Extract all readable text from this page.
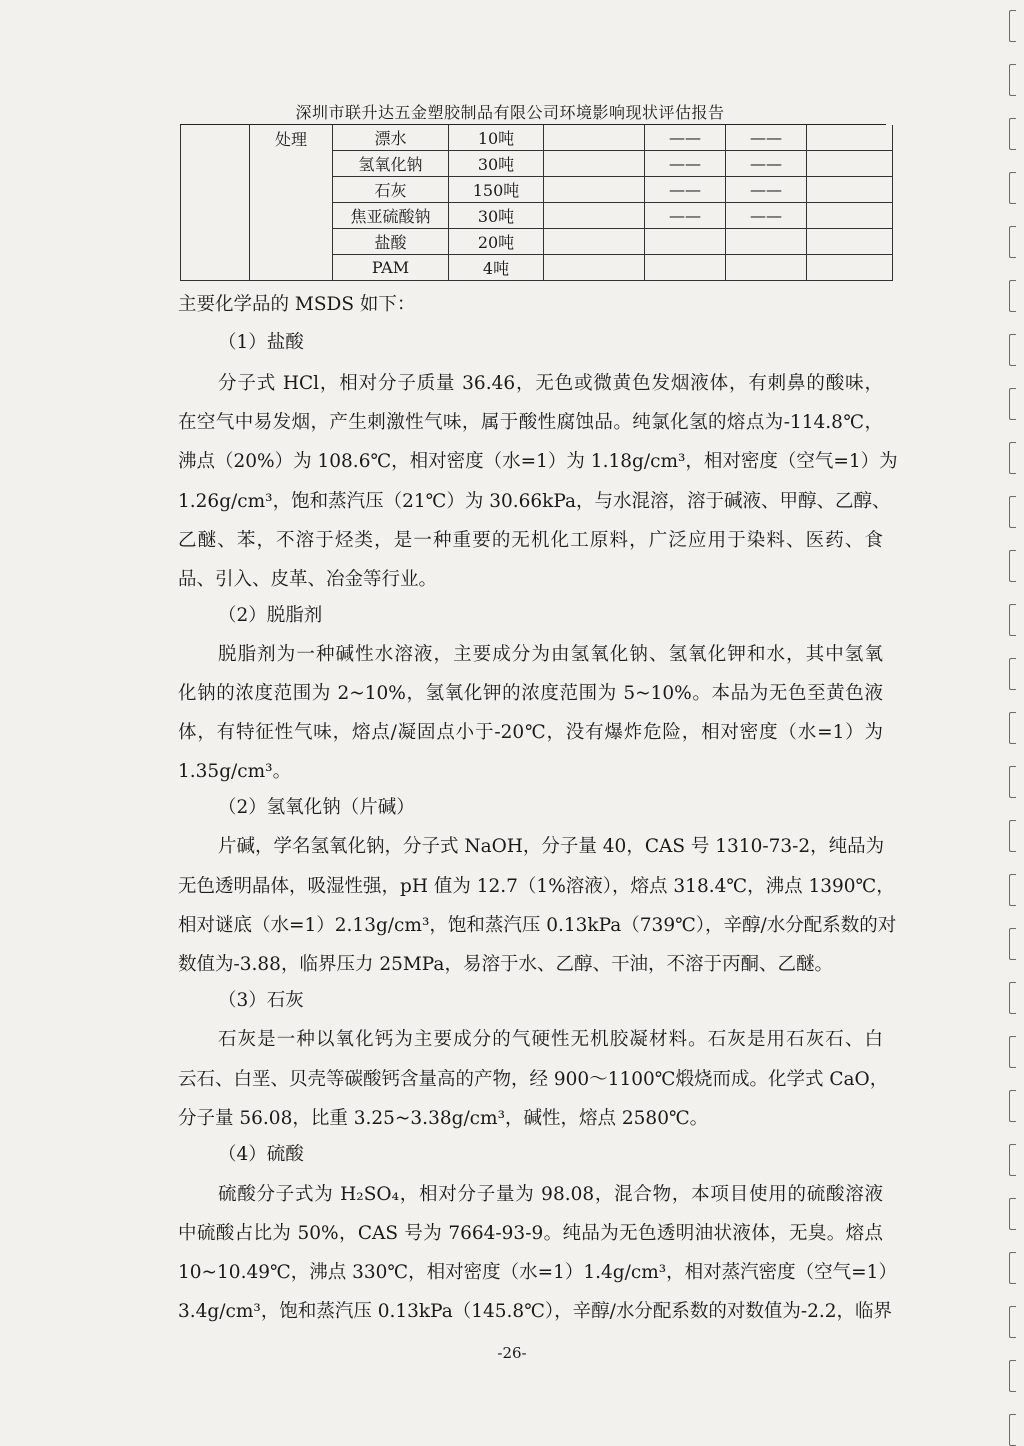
深圳市联升达五金塑胶制品有限公司环境影响现状评估报告
	处理	漂水	10吨		——	——	
		氢氧化钠	30吨		——	——	
		石灰	150吨		——	——	
		焦亚硫酸钠	30吨		——	——	
		盐酸	20吨				
		PAM	4吨				
主要化学品的 MSDS 如下：
（1）盐酸
分子式 HCl，相对分子质量 36.46，无色或微黄色发烟液体，有刺鼻的酸味，
在空气中易发烟，产生刺激性气味，属于酸性腐蚀品。纯氯化氢的熔点为-114.8℃，
沸点（20%）为 108.6℃，相对密度（水=1）为 1.18g/cm³，相对密度（空气=1）为
1.26g/cm³，饱和蒸汽压（21℃）为 30.66kPa，与水混溶，溶于碱液、甲醇、乙醇、
乙醚、苯，不溶于烃类，是一种重要的无机化工原料，广泛应用于染料、医药、食
品、引入、皮革、冶金等行业。
（2）脱脂剂
脱脂剂为一种碱性水溶液，主要成分为由氢氧化钠、氢氧化钾和水，其中氢氧
化钠的浓度范围为 2~10%，氢氧化钾的浓度范围为 5~10%。本品为无色至黄色液
体，有特征性气味，熔点/凝固点小于-20℃，没有爆炸危险，相对密度（水=1）为
1.35g/cm³。
（2）氢氧化钠（片碱）
片碱，学名氢氧化钠，分子式 NaOH，分子量 40，CAS 号 1310-73-2，纯品为
无色透明晶体，吸湿性强，pH 值为 12.7（1%溶液），熔点 318.4℃，沸点 1390℃，
相对谜底（水=1）2.13g/cm³，饱和蒸汽压 0.13kPa（739℃），辛醇/水分配系数的对
数值为-3.88，临界压力 25MPa，易溶于水、乙醇、干油，不溶于丙酮、乙醚。
（3）石灰
石灰是一种以氧化钙为主要成分的气硬性无机胶凝材料。石灰是用石灰石、白
云石、白垩、贝壳等碳酸钙含量高的产物，经 900～1100℃煅烧而成。化学式 CaO，
分子量 56.08，比重 3.25~3.38g/cm³，碱性，熔点 2580℃。
（4）硫酸
硫酸分子式为 H₂SO₄，相对分子量为 98.08，混合物，本项目使用的硫酸溶液
中硫酸占比为 50%，CAS 号为 7664-93-9。纯品为无色透明油状液体，无臭。熔点
10~10.49℃，沸点 330℃，相对密度（水=1）1.4g/cm³，相对蒸汽密度（空气=1）
3.4g/cm³，饱和蒸汽压 0.13kPa（145.8℃），辛醇/水分配系数的对数值为-2.2，临界
-26-
